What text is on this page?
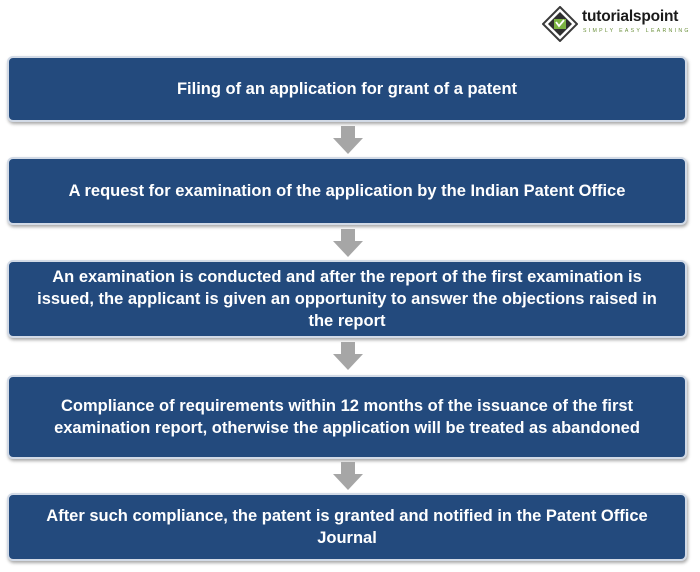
tutorialspoint
SIMPLY EASY LEARNING
Filing of an application for grant of a patent
A request for examination of the application by the Indian Patent Office
An examination is conducted and after the report of the first examination is issued, the applicant is given an opportunity to answer the objections raised in the report
Compliance of requirements within 12 months of the issuance of the first examination report, otherwise the application will be treated as abandoned
After such compliance, the patent is granted and notified in the Patent Office Journal
